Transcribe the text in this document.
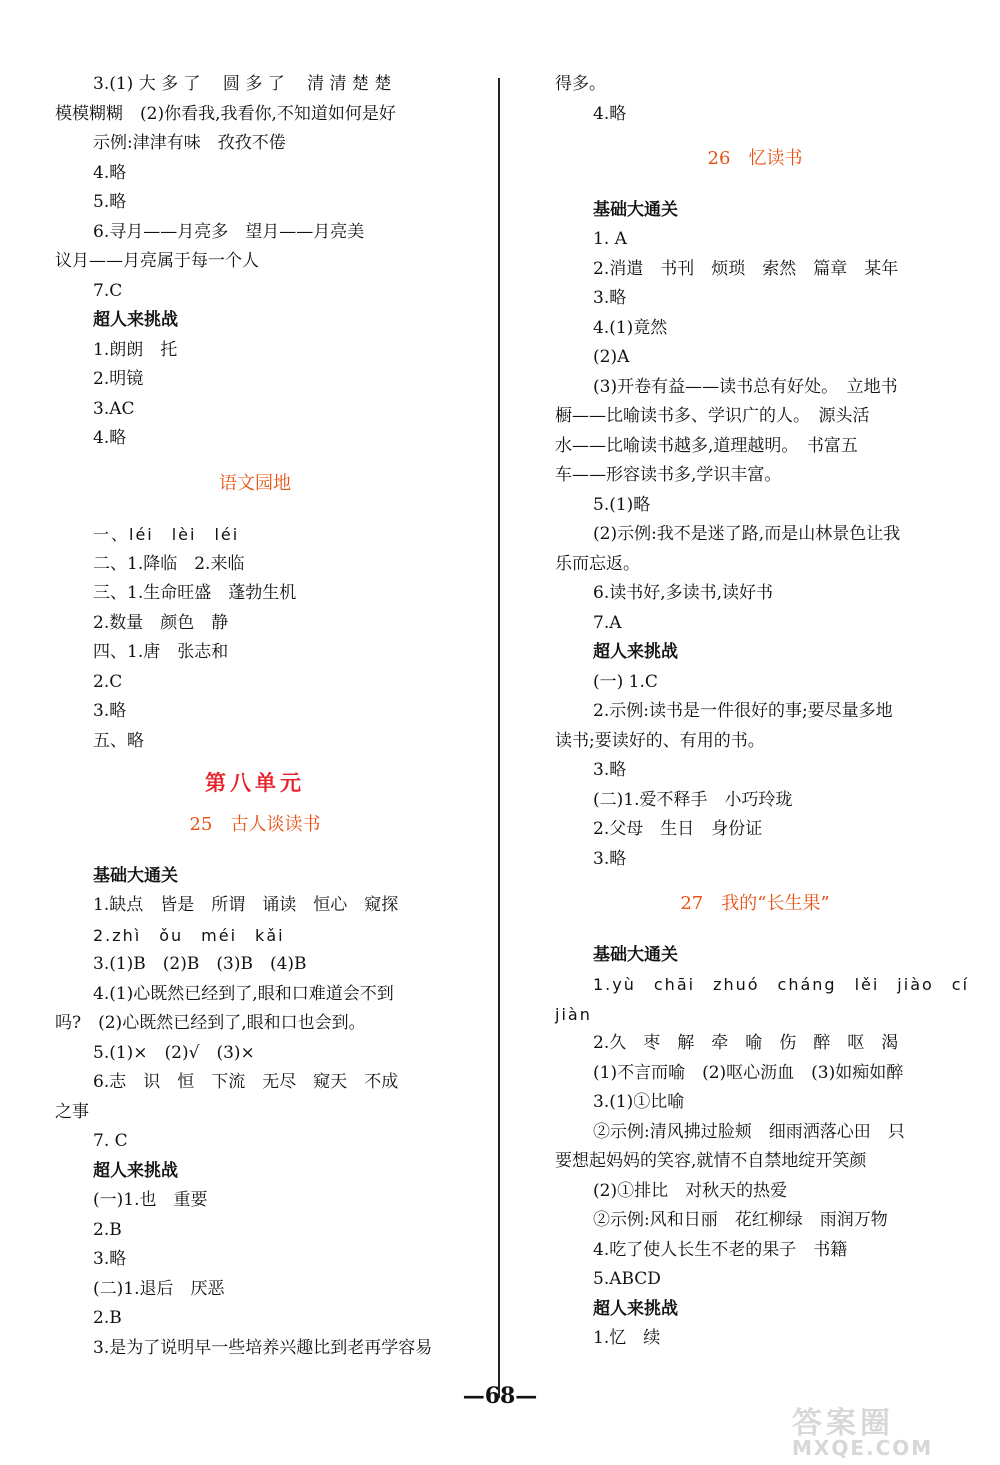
3.(1) 大 多 了　 圆 多 了　 清 清 楚 楚
模模糊糊　(2)你看我,我看你,不知道如何是好
示例:津津有味　孜孜不倦
4.略
5.略
6.寻月——月亮多　望月——月亮美
议月——月亮属于每一个人
7.C
超人来挑战
1.朗朗　托
2.明镜
3.AC
4.略
语文园地
一、léi　lèi　léi
二、1.降临　2.来临
三、1.生命旺盛　蓬勃生机
2.数量　颜色　静
四、1.唐　张志和
2.C
3.略
五、略
第八单元
25　古人谈读书
基础大通关
1.缺点　皆是　所谓　诵读　恒心　窥探
2.zhì　ǒu　méi　kǎi
3.(1)B　(2)B　(3)B　(4)B
4.(1)心既然已经到了,眼和口难道会不到
吗?　(2)心既然已经到了,眼和口也会到。
5.(1)×　(2)√　(3)×
6.志　识　恒　下流　无尽　窥天　不成
之事
7. C
超人来挑战
(一)1.也　重要
2.B
3.略
(二)1.退后　厌恶
2.B
3.是为了说明早一些培养兴趣比到老再学容易
得多。
4.略
26　忆读书
基础大通关
1. A
2.消遣　书刊　烦琐　索然　篇章　某年
3.略
4.(1)竟然
(2)A
(3)开卷有益——读书总有好处。　立地书
橱——比喻读书多、学识广的人。　源头活
水——比喻读书越多,道理越明。　书富五
车——形容读书多,学识丰富。
5.(1)略
(2)示例:我不是迷了路,而是山林景色让我
乐而忘返。
6.读书好,多读书,读好书
7.A
超人来挑战
(一) 1.C
2.示例:读书是一件很好的事;要尽量多地
读书;要读好的、有用的书。
3.略
(二)1.爱不释手　小巧玲珑
2.父母　生日　身份证
3.略
27　我的“长生果”
基础大通关
1.yù　chāi　zhuó　cháng　lěi　jiào　cí
jiàn
2.久　枣　解　牵　喻　伤　醉　呕　渴
(1)不言而喻　(2)呕心沥血　(3)如痴如醉
3.(1)①比喻
②示例:清风拂过脸颊　细雨洒落心田　只
要想起妈妈的笑容,就情不自禁地绽开笑颜
(2)①排比　对秋天的热爱
②示例:风和日丽　花红柳绿　雨润万物
4.吃了使人长生不老的果子　书籍
5.ABCD
超人来挑战
1.忆　续
—68—
答案圈
MXQE.COM
